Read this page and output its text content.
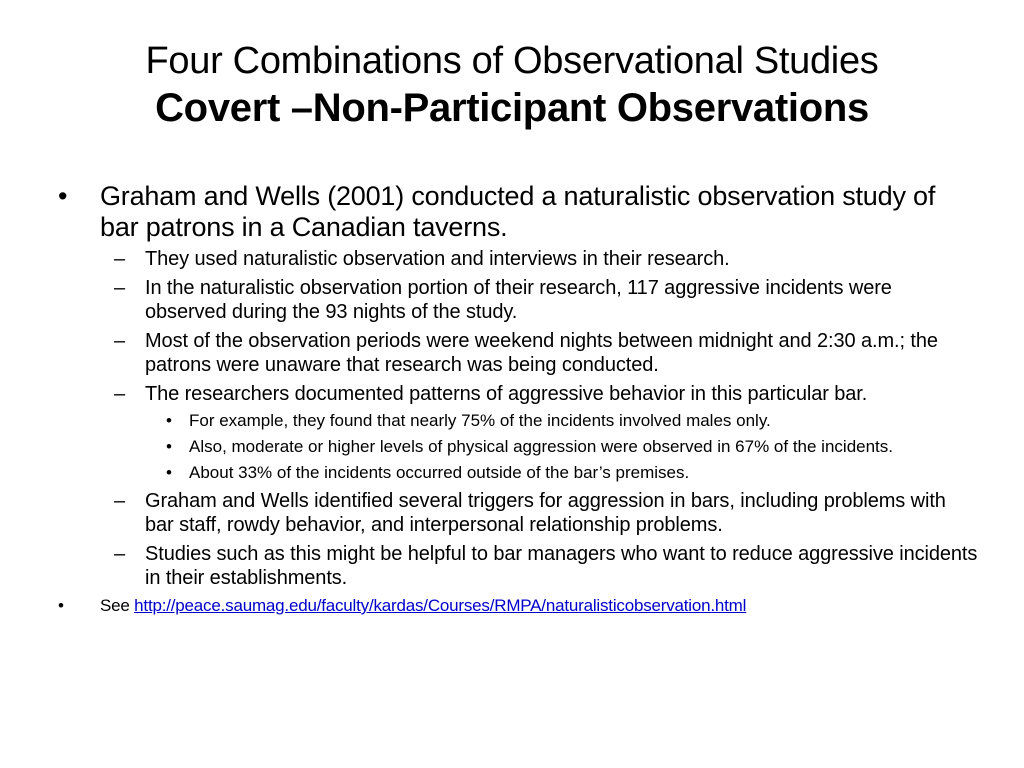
Four Combinations of Observational Studies
Covert –Non-Participant Observations
• Graham and Wells (2001) conducted a naturalistic observation study of bar patrons in a Canadian taverns.
– They used naturalistic observation and interviews in their research.
– In the naturalistic observation portion of their research, 117 aggressive incidents were observed during the 93 nights of the study.
– Most of the observation periods were weekend nights between midnight and 2:30 a.m.; the patrons were unaware that research was being conducted.
– The researchers documented patterns of aggressive behavior in this particular bar.
• For example, they found that nearly 75% of the incidents involved males only.
• Also, moderate or higher levels of physical aggression were observed in 67% of the incidents.
• About 33% of the incidents occurred outside of the bar’s premises.
– Graham and Wells identified several triggers for aggression in bars, including problems with bar staff, rowdy behavior, and interpersonal relationship problems.
– Studies such as this might be helpful to bar managers who want to reduce aggressive incidents in their establishments.
• See http://peace.saumag.edu/faculty/kardas/Courses/RMPA/naturalisticobservation.html
